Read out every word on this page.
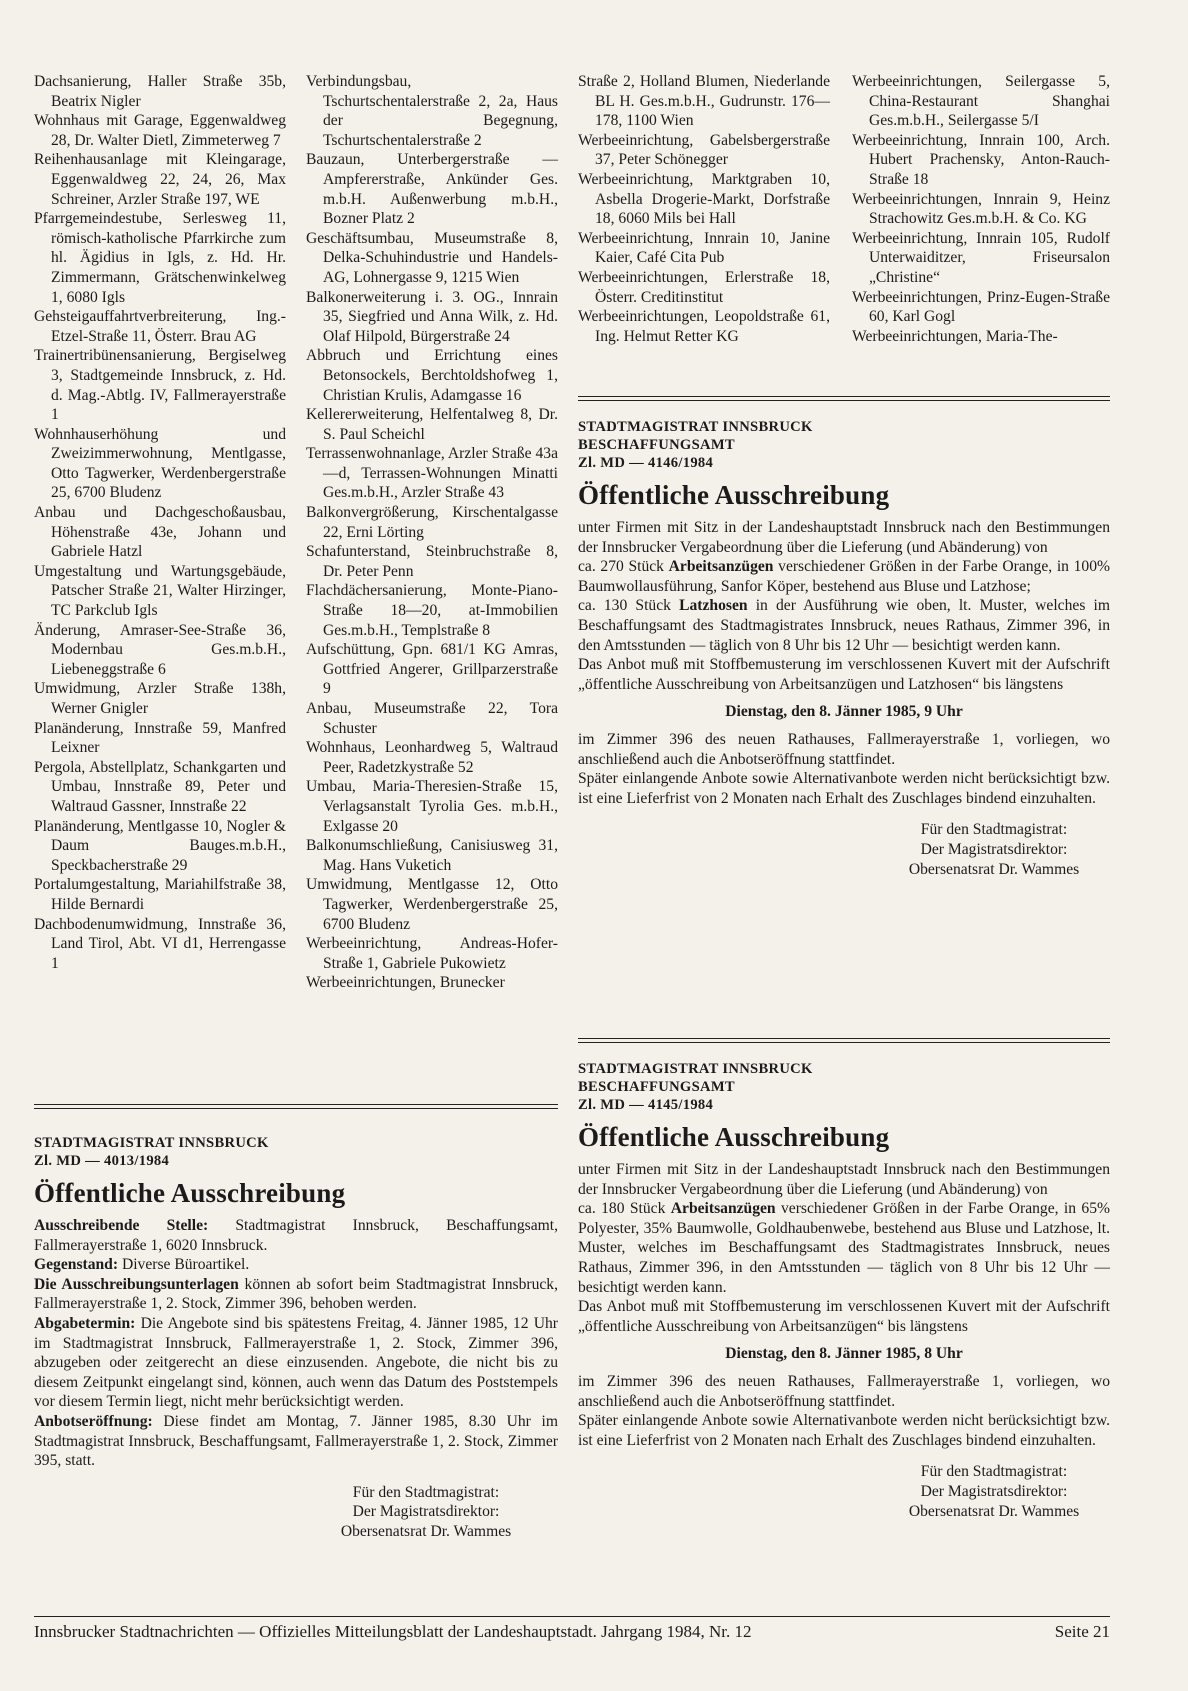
Dachsanierung, Haller Straße 35b, Beatrix Nigler
Wohnhaus mit Garage, Eggenwaldweg 28, Dr. Walter Dietl, Zimmeterweg 7
Reihenhausanlage mit Kleingarage, Eggenwaldweg 22, 24, 26, Max Schreiner, Arzler Straße 197, WE
Pfarrgemeindestube, Serlesweg 11, römisch-katholische Pfarrkirche zum hl. Ägidius in Igls, z. Hd. Hr. Zimmermann, Grätschenwinkelweg 1, 6080 Igls
Gehsteigauffahrtverbreiterung, Ing.-Etzel-Straße 11, Österr. Brau AG
Trainertribünensanierung, Bergiselweg 3, Stadtgemeinde Innsbruck, z. Hd. d. Mag.-Abtlg. IV, Fallmerayerstraße 1
Wohnhauserhöhung und Zweizimmerwohnung, Mentlgasse, Otto Tagwerker, Werdenbergerstraße 25, 6700 Bludenz
Anbau und Dachgeschoßausbau, Höhenstraße 43e, Johann und Gabriele Hatzl
Umgestaltung und Wartungsgebäude, Patscher Straße 21, Walter Hirzinger, TC Parkclub Igls
Änderung, Amraser-See-Straße 36, Modernbau Ges.m.b.H., Liebeneggstraße 6
Umwidmung, Arzler Straße 138h, Werner Gnigler
Planänderung, Innstraße 59, Manfred Leixner
Pergola, Abstellplatz, Schankgarten und Umbau, Innstraße 89, Peter und Waltraud Gassner, Innstraße 22
Planänderung, Mentlgasse 10, Nogler & Daum Bauges.m.b.H., Speckbacherstraße 29
Portalumgestaltung, Mariahilfstraße 38, Hilde Bernardi
Dachbodenumwidmung, Innstraße 36, Land Tirol, Abt. VI d1, Herrengasse 1
Verbindungsbau, Tschurtschentalerstraße 2, 2a, Haus der Begegnung, Tschurtschentalerstraße 2
Bauzaun, Unterbergerstraße — Ampfererstraße, Ankünder Ges. m.b.H. Außenwerbung m.b.H., Bozner Platz 2
Geschäftsumbau, Museumstraße 8, Delka-Schuhindustrie und Handels-AG, Lohnergasse 9, 1215 Wien
Balkonerweiterung i. 3. OG., Innrain 35, Siegfried und Anna Wilk, z. Hd. Olaf Hilpold, Bürgerstraße 24
Abbruch und Errichtung eines Betonsockels, Berchtoldshofweg 1, Christian Krulis, Adamgasse 16
Kellererweiterung, Helfentalweg 8, Dr. S. Paul Scheichl
Terrassenwohnanlage, Arzler Straße 43a—d, Terrassen-Wohnungen Minatti Ges.m.b.H., Arzler Straße 43
Balkonvergrößerung, Kirschentalgasse 22, Erni Lörting
Schafunterstand, Steinbruchstraße 8, Dr. Peter Penn
Flachdächersanierung, Monte-Piano-Straße 18—20, at-Immobilien Ges.m.b.H., Templstraße 8
Aufschüttung, Gpn. 681/1 KG Amras, Gottfried Angerer, Grillparzerstraße 9
Anbau, Museumstraße 22, Tora Schuster
Wohnhaus, Leonhardweg 5, Waltraud Peer, Radetzkystraße 52
Umbau, Maria-Theresien-Straße 15, Verlagsanstalt Tyrolia Ges. m.b.H., Exlgasse 20
Balkonumschließung, Canisiusweg 31, Mag. Hans Vuketich
Umwidmung, Mentlgasse 12, Otto Tagwerker, Werdenbergerstraße 25, 6700 Bludenz
Werbeeinrichtung, Andreas-Hofer-Straße 1, Gabriele Pukowietz
Werbeeinrichtungen, Brunecker
Straße 2, Holland Blumen, Niederlande BL H. Ges.m.b.H., Gudrunstr. 176—178, 1100 Wien
Werbeeinrichtung, Gabelsbergerstraße 37, Peter Schönegger
Werbeeinrichtung, Marktgraben 10, Asbella Drogerie-Markt, Dorfstraße 18, 6060 Mils bei Hall
Werbeeinrichtung, Innrain 10, Janine Kaier, Café Cita Pub
Werbeeinrichtungen, Erlerstraße 18, Österr. Creditinstitut
Werbeeinrichtungen, Leopoldstraße 61, Ing. Helmut Retter KG
Werbeeinrichtungen, Seilergasse 5, China-Restaurant Shanghai Ges.m.b.H., Seilergasse 5/I
Werbeeinrichtung, Innrain 100, Arch. Hubert Prachensky, Anton-Rauch-Straße 18
Werbeeinrichtungen, Innrain 9, Heinz Strachowitz Ges.m.b.H. & Co. KG
Werbeeinrichtung, Innrain 105, Rudolf Unterwaiditzer, Friseursalon „Christine“
Werbeeinrichtungen, Prinz-Eugen-Straße 60, Karl Gogl
Werbeeinrichtungen, Maria-The-
STADTMAGISTRAT INNSBRUCK
BESCHAFFUNGSAMT
Zl. MD — 4146/1984
Öffentliche Ausschreibung
unter Firmen mit Sitz in der Landeshauptstadt Innsbruck nach den Bestimmungen der Innsbrucker Vergabeordnung über die Lieferung (und Abänderung) von
ca. 270 Stück Arbeitsanzügen verschiedener Größen in der Farbe Orange, in 100% Baumwollausführung, Sanfor Köper, bestehend aus Bluse und Latzhose;
ca. 130 Stück Latzhosen in der Ausführung wie oben, lt. Muster, welches im Beschaffungsamt des Stadtmagistrates Innsbruck, neues Rathaus, Zimmer 396, in den Amtsstunden — täglich von 8 Uhr bis 12 Uhr — besichtigt werden kann.
Das Anbot muß mit Stoffbemusterung im verschlossenen Kuvert mit der Aufschrift „öffentliche Ausschreibung von Arbeitsanzügen und Latzhosen“ bis längstens
Dienstag, den 8. Jänner 1985, 9 Uhr
im Zimmer 396 des neuen Rathauses, Fallmerayerstraße 1, vorliegen, wo anschließend auch die Anbotseröffnung stattfindet.
Später einlangende Anbote sowie Alternativanbote werden nicht berücksichtigt bzw. ist eine Lieferfrist von 2 Monaten nach Erhalt des Zuschlages bindend einzuhalten.
Für den Stadtmagistrat:
Der Magistratsdirektor:
Obersenatsrat Dr. Wammes
STADTMAGISTRAT INNSBRUCK
BESCHAFFUNGSAMT
Zl. MD — 4145/1984
Öffentliche Ausschreibung
unter Firmen mit Sitz in der Landeshauptstadt Innsbruck nach den Bestimmungen der Innsbrucker Vergabeordnung über die Lieferung (und Abänderung) von
ca. 180 Stück Arbeitsanzügen verschiedener Größen in der Farbe Orange, in 65% Polyester, 35% Baumwolle, Goldhaubenwebe, bestehend aus Bluse und Latzhose, lt. Muster, welches im Beschaffungsamt des Stadtmagistrates Innsbruck, neues Rathaus, Zimmer 396, in den Amtsstunden — täglich von 8 Uhr bis 12 Uhr — besichtigt werden kann.
Das Anbot muß mit Stoffbemusterung im verschlossenen Kuvert mit der Aufschrift „öffentliche Ausschreibung von Arbeitsanzügen“ bis längstens
Dienstag, den 8. Jänner 1985, 8 Uhr
im Zimmer 396 des neuen Rathauses, Fallmerayerstraße 1, vorliegen, wo anschließend auch die Anbotseröffnung stattfindet.
Später einlangende Anbote sowie Alternativanbote werden nicht berücksichtigt bzw. ist eine Lieferfrist von 2 Monaten nach Erhalt des Zuschlages bindend einzuhalten.
Für den Stadtmagistrat:
Der Magistratsdirektor:
Obersenatsrat Dr. Wammes
STADTMAGISTRAT INNSBRUCK
Zl. MD — 4013/1984
Öffentliche Ausschreibung
Ausschreibende Stelle: Stadtmagistrat Innsbruck, Beschaffungsamt, Fallmerayerstraße 1, 6020 Innsbruck.
Gegenstand: Diverse Büroartikel.
Die Ausschreibungsunterlagen können ab sofort beim Stadtmagistrat Innsbruck, Fallmerayerstraße 1, 2. Stock, Zimmer 396, behoben werden.
Abgabetermin: Die Angebote sind bis spätestens Freitag, 4. Jänner 1985, 12 Uhr im Stadtmagistrat Innsbruck, Fallmerayerstraße 1, 2. Stock, Zimmer 396, abzugeben oder zeitgerecht an diese einzusenden. Angebote, die nicht bis zu diesem Zeitpunkt eingelangt sind, können, auch wenn das Datum des Poststempels vor diesem Termin liegt, nicht mehr berücksichtigt werden.
Anbotseröffnung: Diese findet am Montag, 7. Jänner 1985, 8.30 Uhr im Stadtmagistrat Innsbruck, Beschaffungsamt, Fallmerayerstraße 1, 2. Stock, Zimmer 395, statt.
Für den Stadtmagistrat:
Der Magistratsdirektor:
Obersenatsrat Dr. Wammes
Innsbrucker Stadtnachrichten — Offizielles Mitteilungsblatt der Landeshauptstadt. Jahrgang 1984, Nr. 12	Seite 21
